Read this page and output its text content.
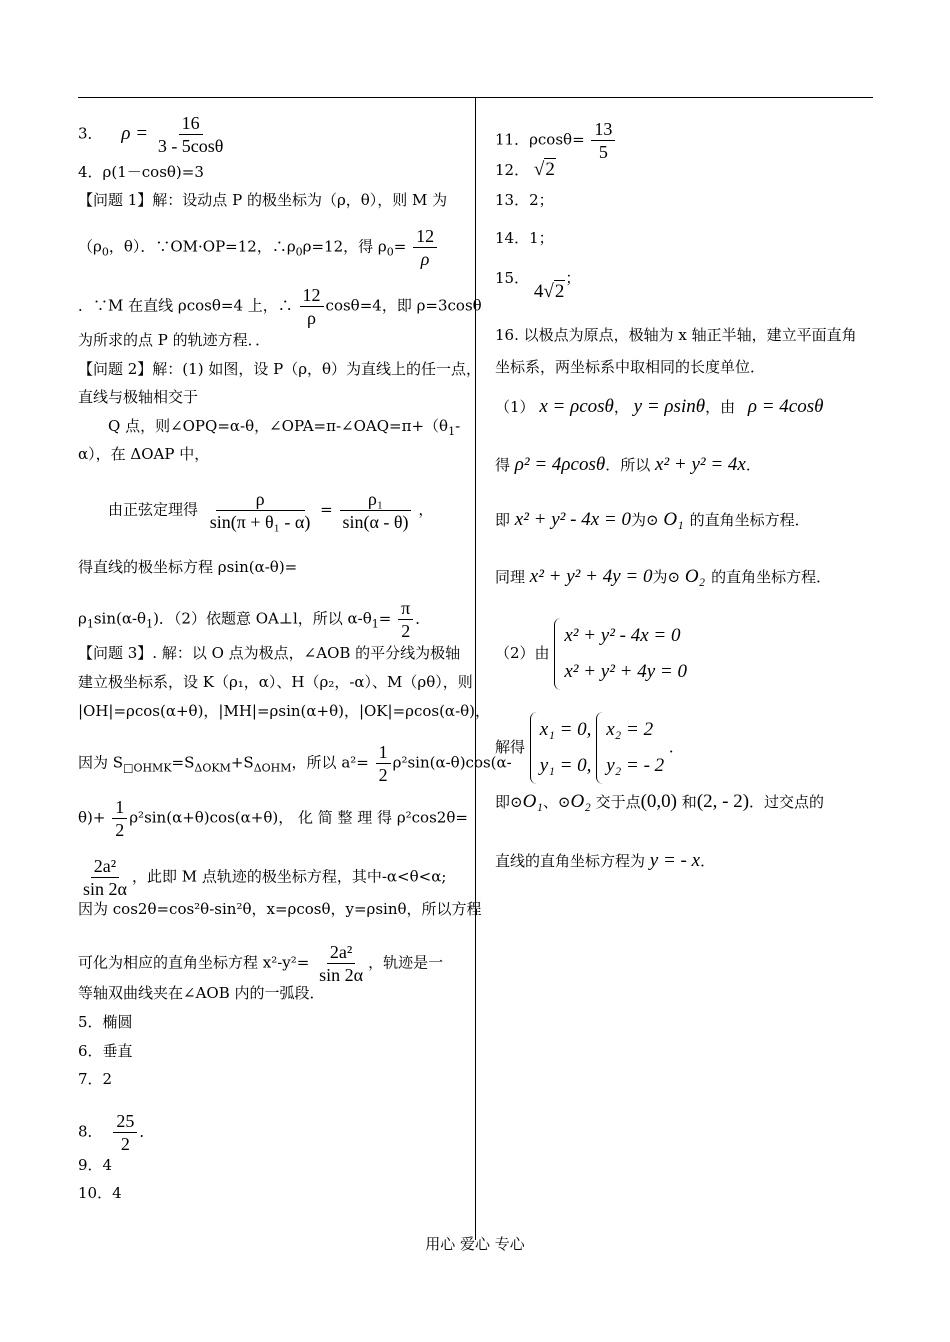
3． $\rho = \frac{16}{3 - 5\cos\theta}$
4．ρ(1－cosθ)=3
【问题 1】解：设动点 P 的极坐标为（ρ，θ），则 M 为
（$\rho_0$，θ）．∵OM·OP=12，$\therefore\rho_0\rho=12$，得 $\rho_0= \frac{12}{\rho}$
．∵M 在直线 ρcosθ=4 上，∴ $\frac{12}{\rho} \cos\theta=4$，即 ρ=3cosθ
为所求的点 P 的轨迹方程．．
【问题 2】解：(1) 如图，设 P（ρ，θ）为直线上的任一点，
直线与极轴相交于
Q 点，则∠OPQ=α-θ，$\angle OPA=\pi-\angle OAQ=\pi+(\theta_1-$
α），在 ΔOAP 中，
由正弦定理得 $\frac{\rho}{\text{sin(π + θ₁ - α)}} = \frac{\text{ρ₁}}{\sin(\alpha - \theta)}$ ，
得直线的极坐标方程 ρsin(α-θ)=
$\rho_1\sin(\alpha-\theta_1)$．（2）依题意 OA⊥l，所以 $\alpha-\theta_1= \frac{\pi}{2}$ ．
【问题 3】. 解：以 O 点为极点，∠AOB 的平分线为极轴
建立极坐标系，设 K（ρ₁，α）、H（ρ₂，-α）、M（ρθ），则
|OH|=ρcos(α+θ)，|MH|=ρsin(α+θ)，|OK|=ρcos(α-θ)，
因为 $S_{□OHMK}=S_{\Delta OKM}+S_{\Delta OHM}$，所以 $a^2= \frac{1}{2} \rho^2\sin(\alpha-\theta)\cos(\alpha-$
$\theta)+ \frac{1}{2} \rho^2\sin(\alpha+\theta)\cos(\alpha+\theta)$， 化 简 整 理 得 ρ²cos2θ=
$\frac{\text{2a²}}{\sin 2\alpha}$ ，此即 M 点轨迹的极坐标方程，其中-α<θ<α;
因为 cos2θ=cos²θ-sin²θ，x=ρcosθ，y=ρsinθ，所以方程
可化为相应的直角坐标方程 $x^2-y^2= \frac{\text{2a²}}{\sin 2\alpha}$ ，轨迹是一
等轴双曲线夹在∠AOB 内的一弧段．
5．椭圆
6．垂直
7．2
8． $\frac{25}{2}$ ．
9．4
10．4
11．$\rho\cos\theta= \frac{13}{5}$
12． √2
13．2；
14．1；
15． 4√2；
16. 以极点为原点，极轴为 x 轴正半轴，建立平面直角
坐标系，两坐标系中取相同的长度单位．
（1） x = ρcosθ， y = ρsinθ，由 ρ = 4cosθ
得 ρ² = 4ρcosθ．所以 x² + y² = 4x．
即 x² + y² - 4x = 0为⊙ O₁ 的直角坐标方程．
同理 x² + y² + 4y = 0为⊙ O₂ 的直角坐标方程．
（2）由
x² + y² - 4x = 0
x² + y² + 4y = 0
解得
x₁ = 0,
y₁ = 0,

x₂ = 2
y₂ = - 2
．
即⊙O₁、⊙O₂ 交于点(0,0) 和(2, - 2)．过交点的
直线的直角坐标方程为 y = - x．
用心 爱心 专心
